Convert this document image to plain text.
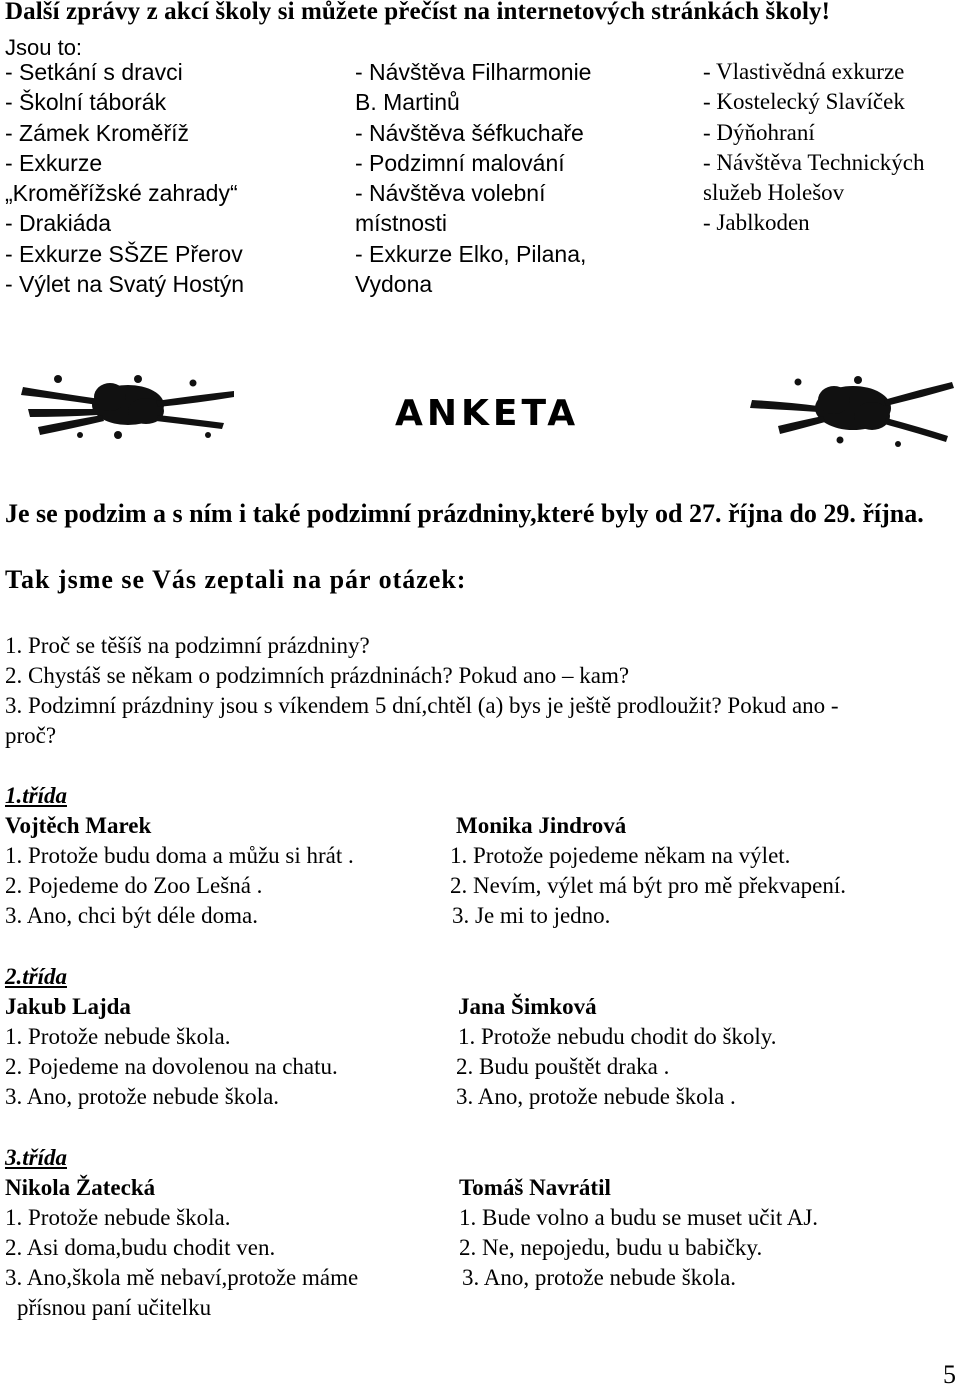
Další zprávy z akcí školy si můžete přečíst na internetových stránkách školy!
Jsou to:
- Setkání s dravci
- Školní táborák
- Zámek Kroměříž
- Exkurze
„Kroměřížské zahrady“
- Drakiáda
- Exkurze SŠZE Přerov
- Výlet na Svatý Hostýn
- Návštěva Filharmonie
B. Martinů
- Návštěva šéfkuchaře
- Podzimní malování
- Návštěva volební
místnosti
- Exkurze Elko, Pilana,
Vydona
- Vlastivědná exkurze
- Kostelecký Slavíček
- Dýňohraní
- Návštěva Technických
služeb Holešov
- Jablkoden
ANKETA
Je se podzim a s ním i také podzimní prázdniny,které byly od 27. října do 29. října.
Tak jsme se Vás zeptali na pár otázek:
1. Proč se těšíš na podzimní prázdniny?
2. Chystáš se někam o podzimních prázdninách? Pokud ano – kam?
3. Podzimní prázdniny jsou s víkendem 5 dní,chtěl (a) bys je ještě prodloužit? Pokud ano -
proč?
1.třída
Vojtěch Marek
1. Protože budu doma a můžu si hrát .
2. Pojedeme do Zoo Lešná .
3. Ano, chci být déle doma.
Monika Jindrová
1. Protože pojedeme někam na výlet.
2. Nevím, výlet má být pro mě překvapení.
3. Je mi to jedno.
2.třída
Jakub Lajda
1. Protože nebude škola.
2. Pojedeme na dovolenou na chatu.
3. Ano, protože nebude škola.
Jana Šimková
1. Protože nebudu chodit do školy.
2. Budu pouštět draka .
3. Ano, protože nebude škola .
3.třída
Nikola Žatecká
1. Protože nebude škola.
2. Asi doma,budu chodit ven.
3. Ano,škola mě nebaví,protože máme
přísnou paní učitelku
Tomáš Navrátil
1. Bude volno a budu se muset učit AJ.
2. Ne, nepojedu, budu u babičky.
3. Ano, protože nebude škola.
5
